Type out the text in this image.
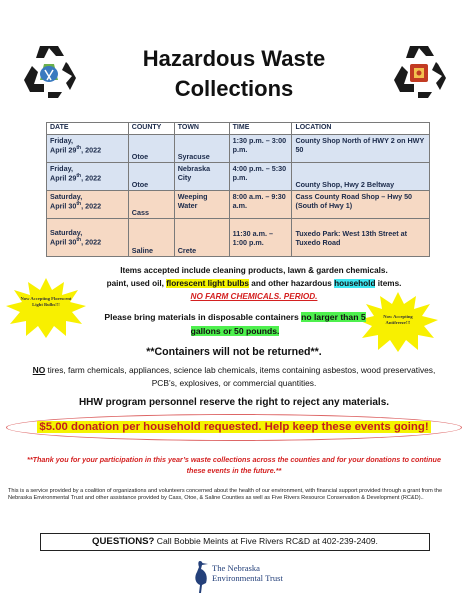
Hazardous Waste
Collections
DATE	COUNTY	TOWN	TIME	LOCATION
Friday,
April 29th, 2022	Otoe	Syracuse	1:30 p.m. – 3:00 p.m.	County Shop North of HWY 2 on HWY 50
Friday,
April 29th, 2022	Otoe	Nebraska City	4:00 p.m. – 5:30 p.m.	County Shop, Hwy 2 Beltway
Saturday,
April 30th, 2022	Cass	Weeping Water	8:00 a.m. – 9:30 a.m.	Cass County Road Shop – Hwy 50 (South of Hwy 1)
Saturday,
April 30th, 2022	Saline	Crete	11:30 a.m. – 1:00 p.m.	Tuxedo Park: West 13th Street at Tuxedo Road
Items accepted include cleaning products, lawn & garden chemicals.
paint, used oil, florescent light bulbs and other hazardous household items.
NO FARM CHEMICALS. PERIOD.
Now Accepting Florescent Light Bulbs!!!
Now Accepting Antifreeze!!!
Please bring materials in disposable containers no larger than 5 gallons or 50 pounds.
**Containers will not be returned**.
NO tires, farm chemicals, appliances, science lab chemicals, items containing asbestos, wood preservatives, PCB’s, explosives, or commercial quantities.
HHW program personnel reserve the right to reject any materials.
$5.00 donation per household requested. Help keep these events going!
**Thank you for your participation in this year’s waste collections across the counties and for your donations to continue these events in the future.**
This is a service provided by a coalition of organizations and volunteers concerned about the health of our environment, with financial support provided through a grant from the Nebraska Environmental Trust and other assistance provided by Cass, Otoe, & Saline Counties as well as Five Rivers Resource Conservation & Development (RC&D)..
QUESTIONS? Call Bobbie Meints at Five Rivers RC&D at 402-239-2409.
The Nebraska
Environmental Trust
